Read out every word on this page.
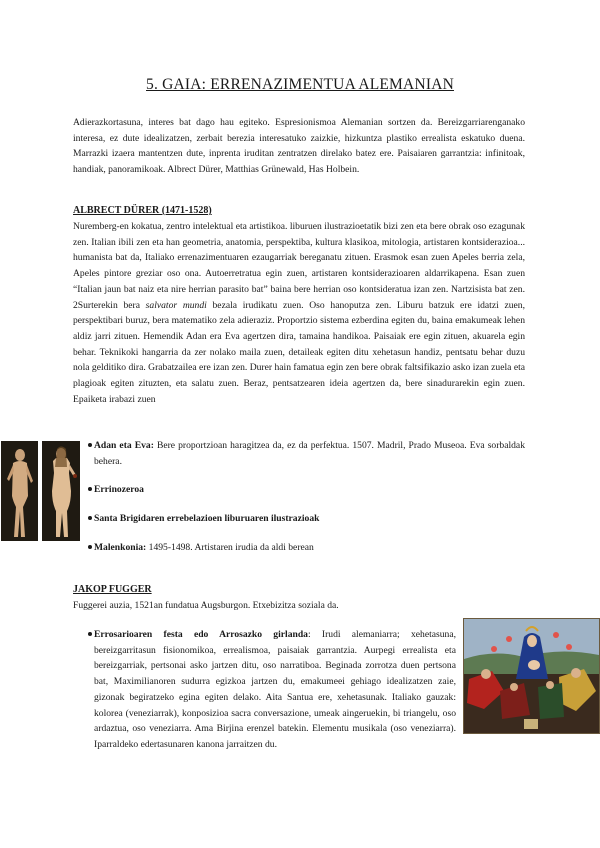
5. GAIA: ERRENAZIMENTUA ALEMANIAN
Adierazkortasuna, interes bat dago hau egiteko. Espresionismoa Alemanian sortzen da. Bereizgarriarenganako interesa, ez dute idealizatzen, zerbait berezia interesatuko zaizkie, hizkuntza plastiko errealista eskatuko duena. Marrazki izaera mantentzen dute, inprenta iruditan zentratzen direlako batez ere. Paisaiaren garrantzia: infinitoak, handiak, panoramikoak. Albrect Dürer, Matthias Grünewald, Has Holbein.
ALBRECT DÜRER (1471-1528)
Nuremberg-en kokatua, zentro intelektual eta artistikoa. liburuen ilustrazioetatik bizi zen eta bere obrak oso ezagunak zen. Italian ibili zen eta han geometria, anatomia, perspektiba, kultura klasikoa, mitologia, artistaren kontsiderazioa... humanista bat da, Italiako errenazimentuaren ezaugarriak bereganatu zituen. Erasmok esan zuen Apeles berria zela, Apeles pintore greziar oso ona. Autoerretratua egin zuen, artistaren kontsiderazioaren aldarrikapena. Esan zuen “Italian jaun bat naiz eta nire herrian parasito bat” baina bere herrian oso kontsideratua izan zen. Nartzisista bat zen. 2Surterekin bera salvator mundi bezala irudikatu zuen. Oso hanoputza zen. Liburu batzuk ere idatzi zuen, perspektibari buruz, bera matematiko zela adieraziz. Proportzio sistema ezberdina egiten du, baina emakumeak lehen aldiz jarri zituen. Hemendik Adan era Eva agertzen dira, tamaina handikoa. Paisaiak ere egin zituen, akuarela egin behar. Teknikoki hangarria da zer nolako maila zuen, detaileak egiten ditu xehetasun handiz, pentsatu behar duzu nola gelditiko dira. Grabatzailea ere izan zen. Durer hain famatua egin zen bere obrak faltsifikazio asko izan zuela eta plagioak egiten zituzten, eta salatu zuen. Beraz, pentsatzearen ideia agertzen da, bere sinadurarekin egin zuen. Epaiketa irabazi zuen
Adan eta Eva: Bere proportzioan haragitzea da, ez da perfektua. 1507. Madril, Prado Museoa. Eva sorbaldak behera.
Errinozeroa
Santa Brigidaren errebelazioen liburuaren ilustrazioak
Malenkonia: 1495-1498. Artistaren irudia da aldi berean
JAKOP FUGGER
Fuggerei auzia, 1521an fundatua Augsburgon. Etxebizitza soziala da.
Errosarioaren festa edo Arrosazko girlanda: Irudi alemaniarra; xehetasuna, bereizgarritasun fisionomikoa, errealismoa, paisaiak garrantzia. Aurpegi errealista eta bereizgarriak, pertsonai asko jartzen ditu, oso narratiboa. Beginada zorrotza duen pertsona bat, Maximilianoren sudurra egizkoa jartzen du, emakumeei gehiago idealizatzen zaie, gizonak begiratzeko egina egiten delako. Aita Santua ere, xehetasunak. Italiako gauzak: kolorea (veneziarrak), konposizioa sacra conversazione, umeak aingeruekin, bi triangelu, oso ardaztua, oso veneziarra. Ama Birjina erenzel batekin. Elementu musikala (oso veneziarra). Iparraldeko edertasunaren kanona jarraitzen du.
